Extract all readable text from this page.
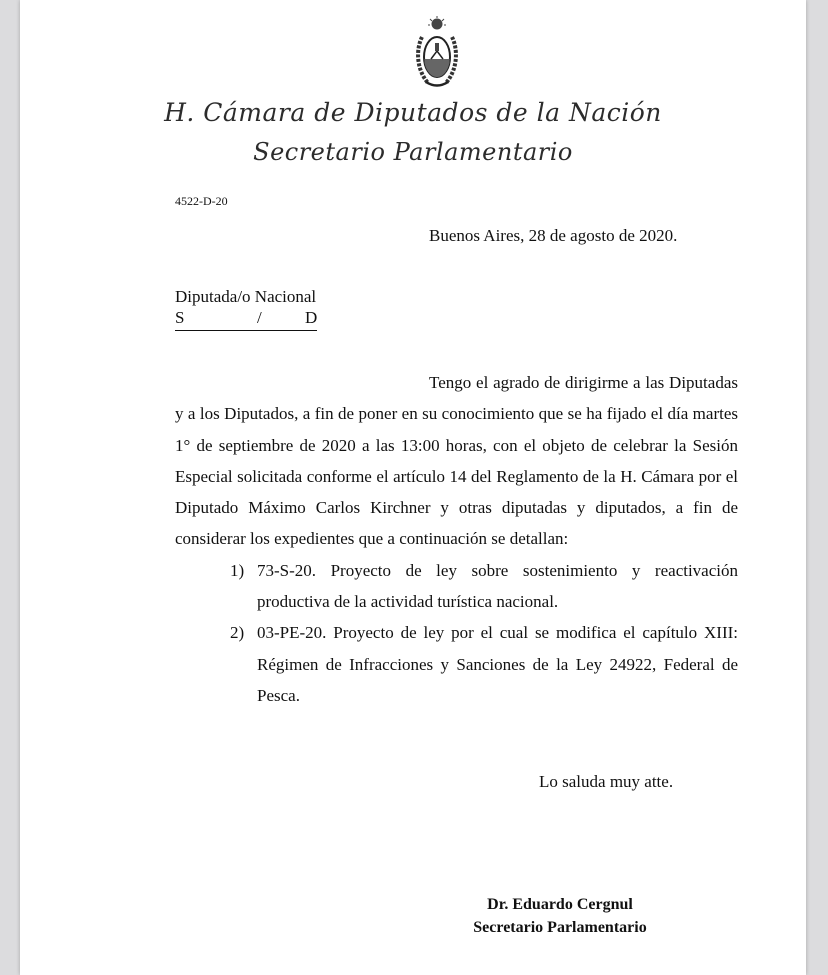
H. Cámara de Diputados de la Nación
Secretario Parlamentario
4522-D-20
Buenos Aires, 28 de agosto de 2020.
Diputada/o Nacional
S	/	D

Tengo el agrado de dirigirme a las Diputadas y a los Diputados, a fin de poner en su conocimiento que se ha fijado el día martes 1° de septiembre de 2020 a las 13:00 horas, con el objeto de celebrar la Sesión Especial solicitada conforme el artículo 14 del Reglamento de la H. Cámara por el Diputado Máximo Carlos Kirchner y otras diputadas y diputados, a fin de considerar los expedientes que a continuación se detallan:

1) 73-S-20. Proyecto de ley sobre sostenimiento y reactivación productiva de la actividad turística nacional.
2) 03-PE-20. Proyecto de ley por el cual se modifica el capítulo XIII: Régimen de Infracciones y Sanciones de la Ley 24922, Federal de Pesca.
Lo saluda muy atte.
Dr. Eduardo Cergnul
Secretario Parlamentario
